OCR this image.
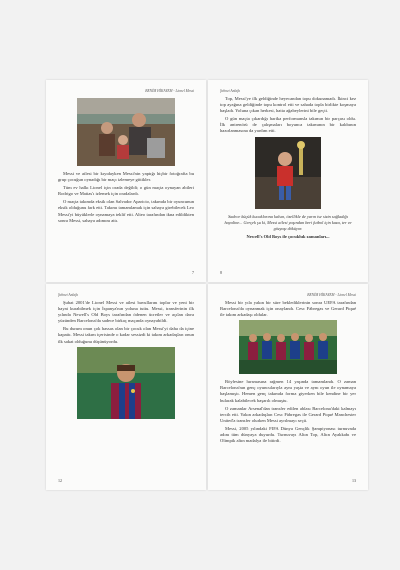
BENİM HİKAYEM - Lionel Messi

Messi ve ailesi bir kıyıdayken Messi'nin yaptığı hiçbir fotoğrafta bu grup çocuğun oynadığı bir maçı izlemeye gittikler.

Tüm ev halkı Lionel için orada değildi; o gün maçta oynayan abileri Rodrigo ve Matias'ı izlemek için oradalardı.

O maçta takımda eksik olan Salvador Aparicio, takımda bir oyuncunun eksik olduğunu fark etti. Takımı tamamlamak için sahaya girebilecek Leo Messi'yi büyüklerle oynamaya teklif etti. Alteo tarafından ikna edildikten sonra Messi, sahaya adımını attı.

7
Şebnet Anlaftı

Top, Messi'ye ilk geldiğinde heyecandan topu dokunamadı. İkinci kez top ayağına geldiğinde topu kontrol etti ve sahada topla birlikte koşmaya başladı. Yoluna çıkan herkesi, hatta ağabeylerini bile geçti.

O gün maçta çıkardığı harika performansla takımın bir parçası oldu. İlk antrenörü de çalışmaları boyunca takımının bir kalıbının hazırlanmasına da yardım etti.

Sadece küçük kucaklarına kalsın, özellikle de yarın ise sizin sağladığı hayaline... Gerçek şu ki, Messi ailesi yaşından beri futbol için kaza, ter ve gözyaşı döküyor.
Newell's Old Boys ile çocukluk zamanları...
8
Şebnet Anlaftı

Şubat 2001'de Lionel Messi ve ailesi bavullarını toplar ve yeni bir hayat kurabilmek için İspanya'nın yoluna tuttu. Messi, transferinin ilk yılında Newell's Old Boys tarafından ödenen ücretler ve açılan dava yüzünden Barcelona'da sadece birkaç maçında oynayabildi.

Bu durum onun çok hassas olan bir çocuk olan Messi'yi daha da içine kapattı. Messi takım içerisinde o kadar sessizdi ki takım arkadaşları onun ilk sakat olduğunu düşünüyordu.

12
BENİM HİKAYEM - Lionel Messi

Messi bir yıla yakın bir süre beklediklerinin sonra UEFA tarafından Barcelona'da oynanmak için onaylandı. Cesc Fàbregas ve Gerard Piqué ile takım arkadaşı oldular.

Böylesine hırsmasına rağmen 14 yaşında tamamlandı. O zaman Barcelona'nın genç oyuncularıyla aynı yaşta ve aynı oyun ile oynamaya başlamıştı. Hemen genç takımda forma giyerken bile kendine bir yer bularak kalabilecek başarılı olmuştu.

O zamanlar Arsenal'dan transfer edilen ablası Barcelona'daki kalmayı tercih etti. Yakın arkadaşları Cesc Fàbregas ile Gerard Piqué Manchester United'a transfer olurken Messi ayrılmayı seçti.

Messi, 2005 yılındaki FIFA Dünya Gençlik Şampiyonası turnuvada adını tüm dünyaya duyurdu. Turnuvayı Altın Top, Altın Ayakkabı ve Olimpik altın madalya ile bitirdi.

13
